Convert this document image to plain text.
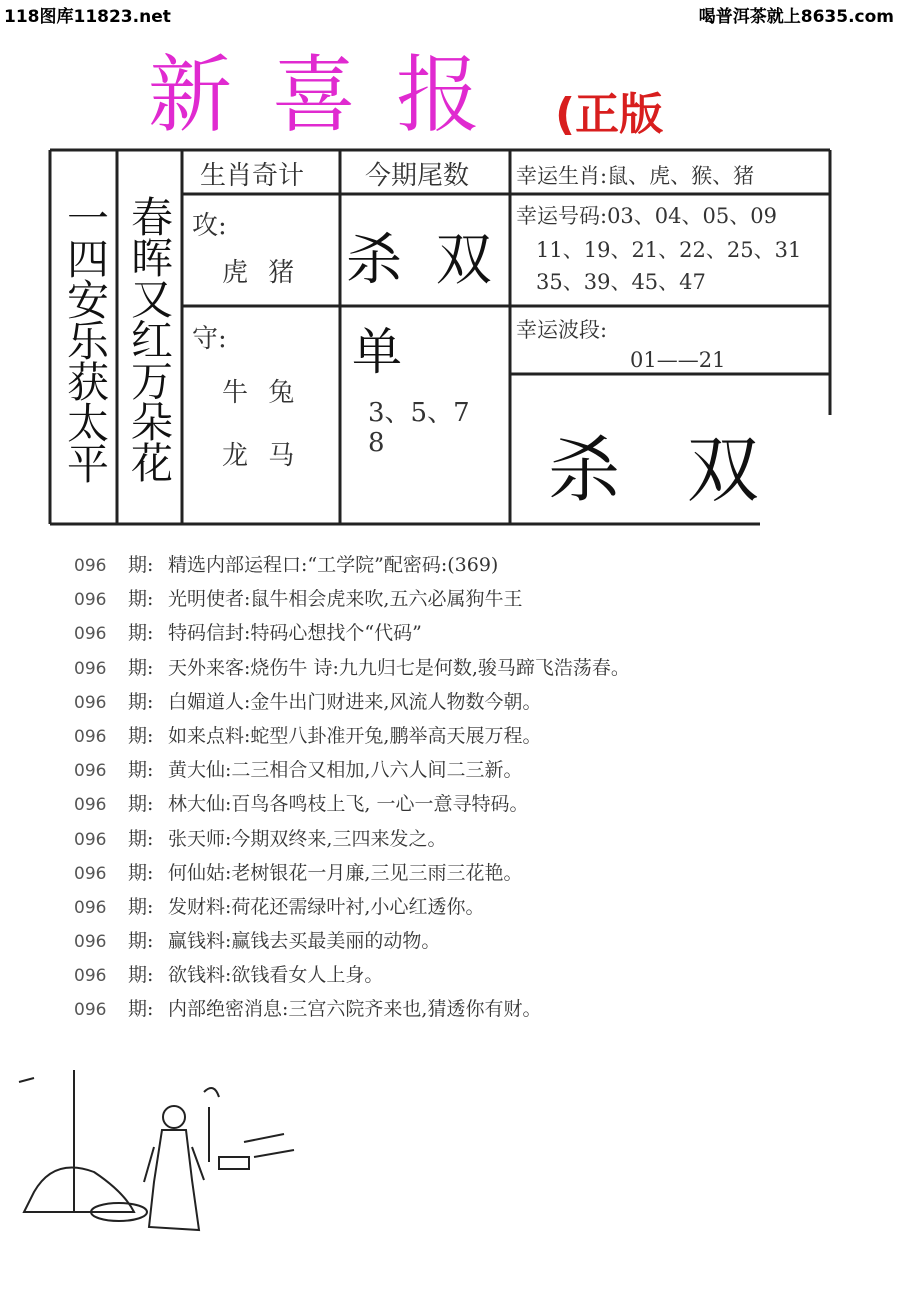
118图库11823.net	喝普洱茶就上8635.com
新喜报 (正版
一四安乐获太平 春晖又红万朵花
生肖奇计 今期尾数 幸运生肖:鼠、虎、猴、猪
攻:
虎 猪
守:
牛 兔
龙 马
杀 双
单
3、5、7
8
幸运号码:03、04、05、09
11、19、21、22、25、31
35、39、45、47
幸运波段:
01——21
杀 双
096 期: 精选内部运程口:“工学院”配密码:(369)
096 期: 光明使者:鼠牛相会虎来吹,五六必属狗牛王
096 期: 特码信封:特码心想找个“代码”
096 期: 天外来客:烧伤牛 诗:九九归七是何数,骏马蹄飞浩荡春。
096 期: 白媚道人:金牛出门财进来,风流人物数今朝。
096 期: 如来点料:蛇型八卦准开兔,鹏举高天展万程。
096 期: 黄大仙:二三相合又相加,八六人间二三新。
096 期: 林大仙:百鸟各鸣枝上飞, 一心一意寻特码。
096 期: 张天师:今期双终来,三四来发之。
096 期: 何仙姑:老树银花一月廉,三见三雨三花艳。
096 期: 发财料:荷花还需绿叶衬,小心红透你。
096 期: 赢钱料:赢钱去买最美丽的动物。
096 期: 欲钱料:欲钱看女人上身。
096 期: 内部绝密消息:三宫六院齐来也,猜透你有财。
